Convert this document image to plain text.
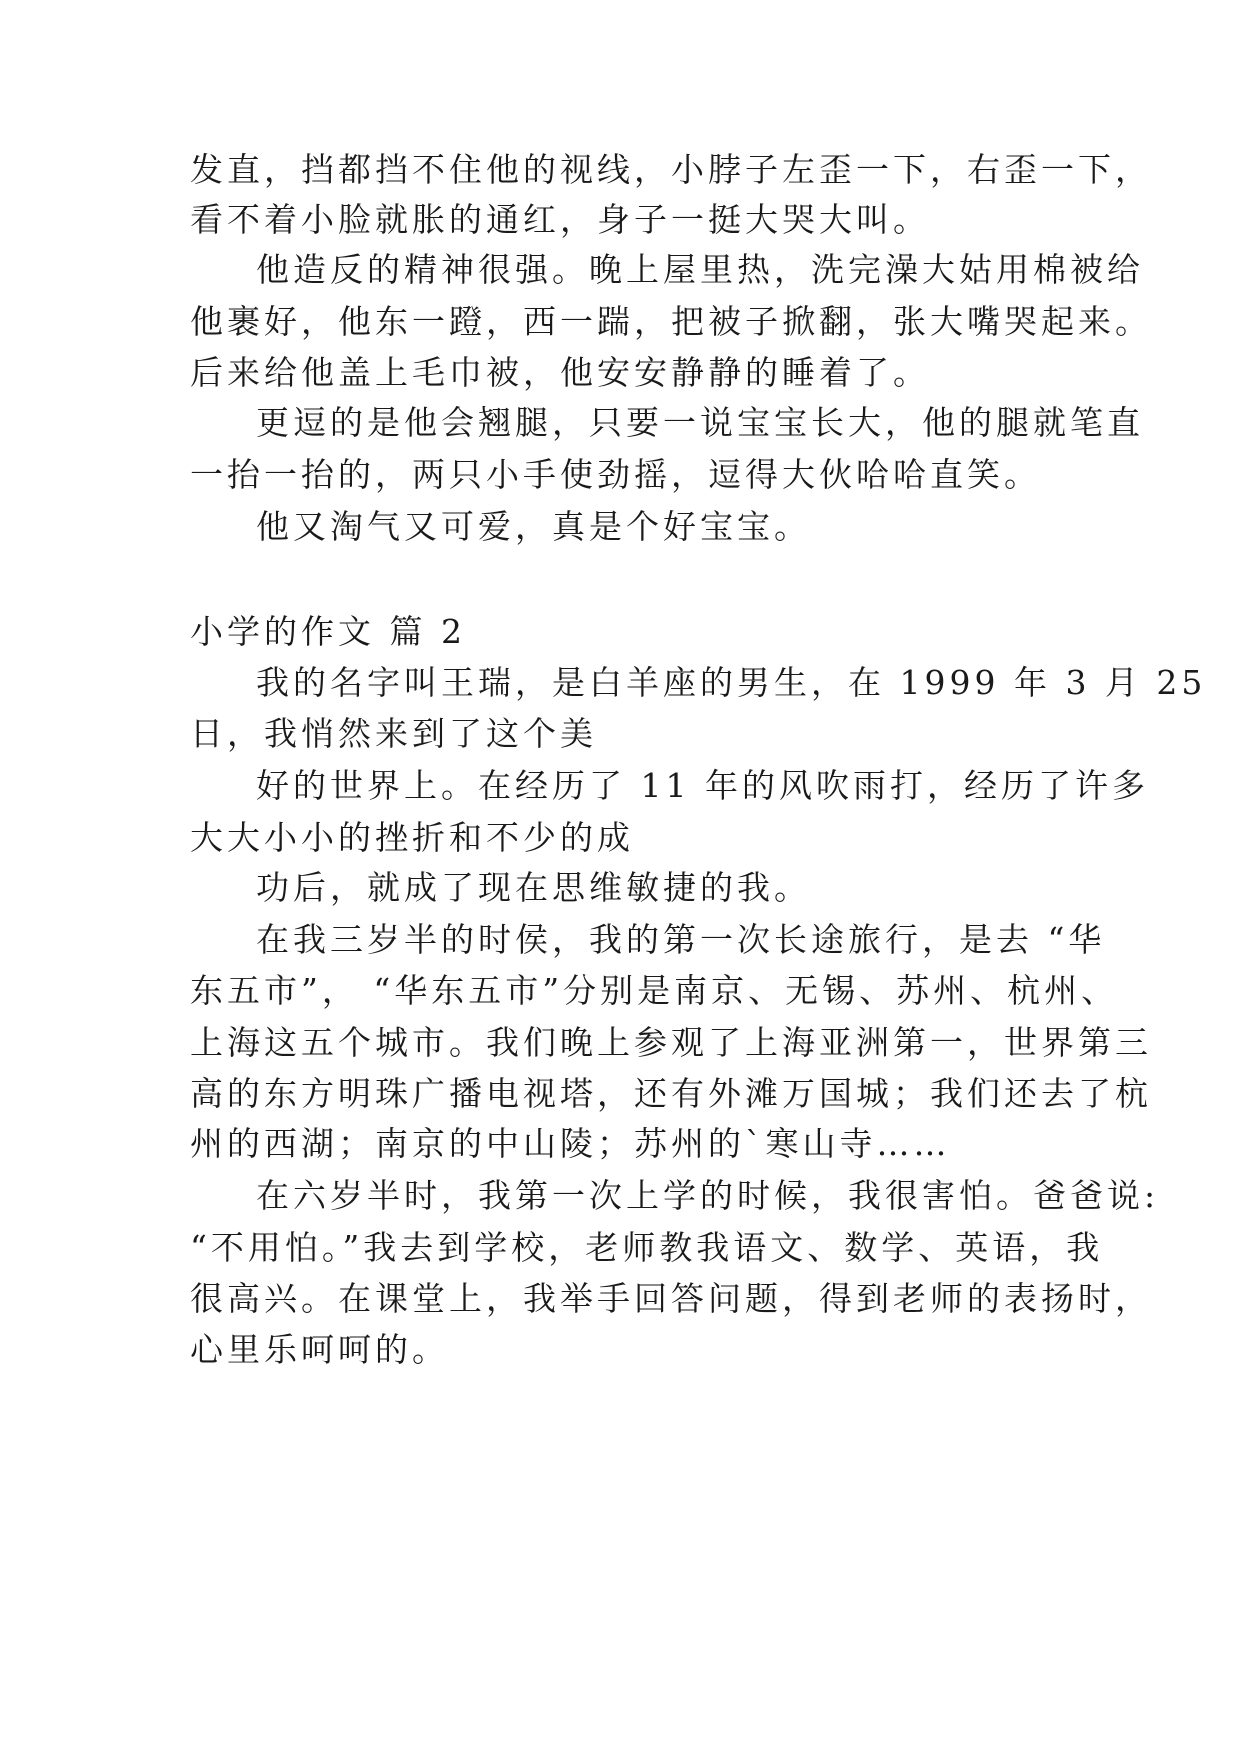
发直，挡都挡不住他的视线，小脖子左歪一下，右歪一下，
看不着小脸就胀的通红，身子一挺大哭大叫。
他造反的精神很强。晚上屋里热，洗完澡大姑用棉被给
他裹好，他东一蹬，西一踹，把被子掀翻，张大嘴哭起来。
后来给他盖上毛巾被，他安安静静的睡着了。
更逗的是他会翘腿，只要一说宝宝长大，他的腿就笔直
一抬一抬的，两只小手使劲摇，逗得大伙哈哈直笑。
他又淘气又可爱，真是个好宝宝。
小学的作文 篇 2
我的名字叫王瑞，是白羊座的男生，在 1999 年 3 月 25
日，我悄然来到了这个美
好的世界上。在经历了 11 年的风吹雨打，经历了许多
大大小小的挫折和不少的成
功后，就成了现在思维敏捷的我。
在我三岁半的时侯，我的第一次长途旅行，是去 “华
东五市”， “华东五市”分别是南京、无锡、苏州、杭州、
上海这五个城市。我们晚上参观了上海亚洲第一，世界第三
高的东方明珠广播电视塔，还有外滩万国城；我们还去了杭
州的西湖；南京的中山陵；苏州的`寒山寺……
在六岁半时，我第一次上学的时候，我很害怕。爸爸说:
“不用怕。”我去到学校，老师教我语文、数学、英语，我
很高兴。在课堂上，我举手回答问题，得到老师的表扬时，
心里乐呵呵的。
